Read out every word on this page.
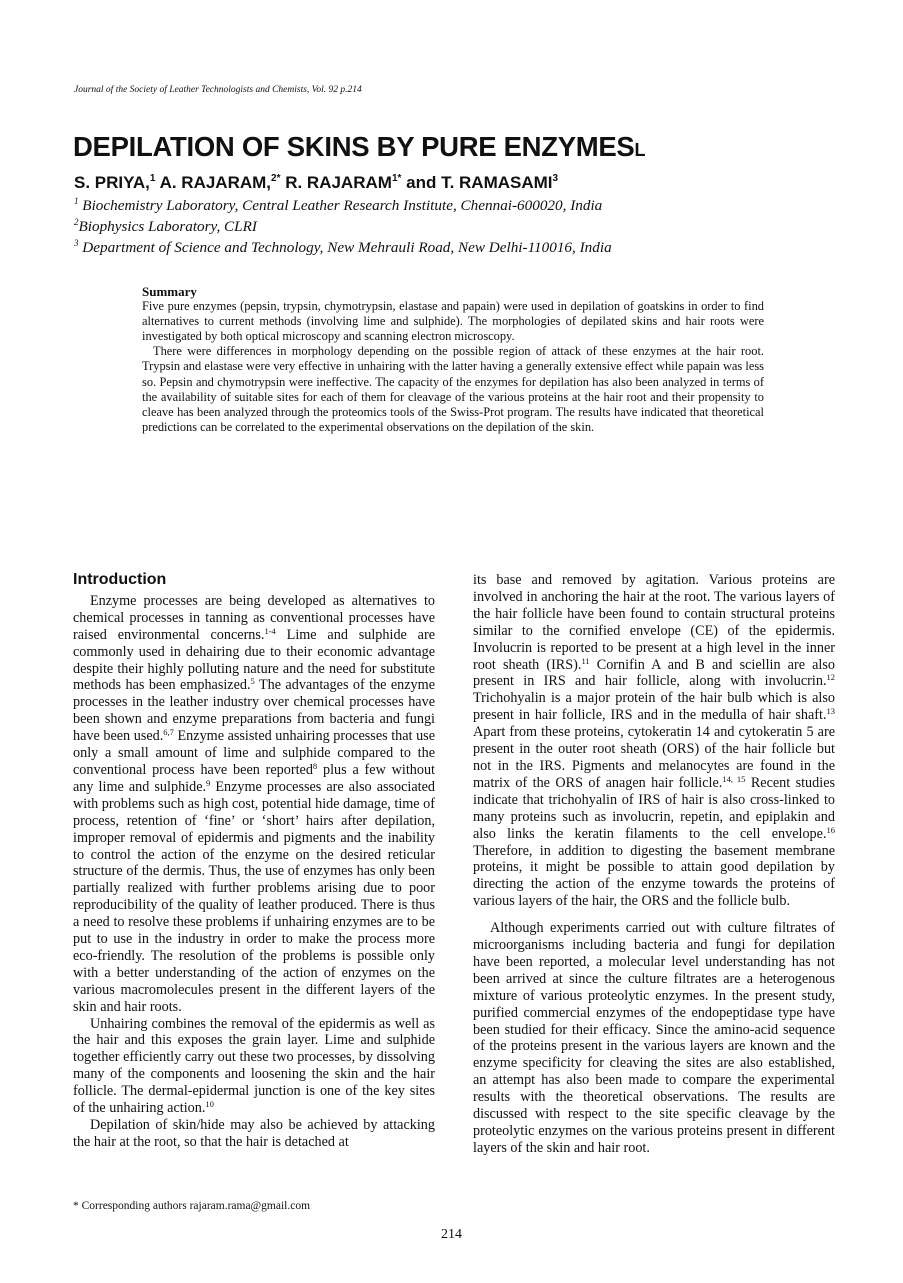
Journal of the Society of Leather Technologists and Chemists, Vol. 92 p.214
DEPILATION OF SKINS BY PURE ENZYMESL
S. PRIYA,$^1$ A. RAJARAM,$^{2*}$ R. $RAJARAM^{1*}$ and T. RAMASAMI$^3$
$^1$ Biochemistry Laboratory, Central Leather Research Institute, Chennai-600020, India
$^2$Biophysics Laboratory, CLRI
$^3$ Department of Science and Technology, New Mehrauli Road, New Delhi-110016, India
Summary

Five pure enzymes (pepsin, trypsin, chymotrypsin, elastase and papain) were used in depilation of goatskins in order to find alternatives to current methods (involving lime and sulphide). The morphologies of depilated skins and hair roots were investigated by both optical microscopy and scanning electron microscopy.

There were differences in morphology depending on the possible region of attack of these enzymes at the hair root. Trypsin and elastase were very effective in unhairing with the latter having a generally extensive effect while papain was less so. Pepsin and chymotrypsin were ineffective. The capacity of the enzymes for depilation has also been analyzed in terms of the availability of suitable sites for each of them for cleavage of the various proteins at the hair root and their propensity to cleave has been analyzed through the proteomics tools of the Swiss-Prot program. The results have indicated that theoretical predictions can be correlated to the experimental observations on the depilation of the skin.

Introduction

Enzyme processes are being developed as alternatives to chemical processes in tanning as conventional processes have raised environmental concerns.$^{1-4}$ Lime and sulphide are commonly used in dehairing due to their economic advantage despite their highly polluting nature and the need for substitute methods has been emphasized.$^5$ The advantages of the enzyme processes in the leather industry over chemical processes have been shown and enzyme preparations from bacteria and fungi have been used.$^{6,7}$ Enzyme assisted unhairing processes that use only a small amount of lime and sulphide compared to the conventional process have been reported$^8$ plus a few without any lime and sulphide.$^9$ Enzyme processes are also associated with problems such as high cost, potential hide damage, time of process, retention of ‘fine’ or ‘short’ hairs after depilation, improper removal of epidermis and pigments and the inability to control the action of the enzyme on the desired reticular structure of the dermis. Thus, the use of enzymes has only been partially realized with further problems arising due to poor reproducibility of the quality of leather produced. There is thus a need to resolve these problems if unhairing enzymes are to be put to use in the industry in order to make the process more eco-friendly. The resolution of the problems is possible only with a better understanding of the action of enzymes on the various macromolecules present in the different layers of the skin and hair roots.

Unhairing combines the removal of the epidermis as well as the hair and this exposes the grain layer. Lime and sulphide together efficiently carry out these two processes, by dissolving many of the components and loosening the skin and the hair follicle. The dermal-epidermal junction is one of the key sites of the unhairing action.$^{10}$

Depilation of skin/hide may also be achieved by attacking the hair at the root, so that the hair is detached at

its base and removed by agitation. Various proteins are involved in anchoring the hair at the root. The various layers of the hair follicle have been found to contain structural proteins similar to the cornified envelope (CE) of the epidermis. Involucrin is reported to be present at a high level in the inner root sheath (IRS).$^{11}$ Cornifin A and B and sciellin are also present in IRS and hair follicle, along with involucrin.$^{12}$ Trichohyalin is a major protein of the hair bulb which is also present in hair follicle, IRS and in the medulla of hair shaft.$^{13}$ Apart from these proteins, cytokeratin 14 and cytokeratin 5 are present in the outer root sheath (ORS) of the hair follicle but not in the IRS. Pigments and melanocytes are found in the matrix of the ORS of anagen hair follicle.$^{14, 15}$ Recent studies indicate that trichohyalin of IRS of hair is also cross-linked to many proteins such as involucrin, repetin, and epiplakin and also links the keratin filaments to the cell envelope.$^{16}$ Therefore, in addition to digesting the basement membrane proteins, it might be possible to attain good depilation by directing the action of the enzyme towards the proteins of various layers of the hair, the ORS and the follicle bulb.

Although experiments carried out with culture filtrates of microorganisms including bacteria and fungi for depilation have been reported, a molecular level understanding has not been arrived at since the culture filtrates are a heterogenous mixture of various proteolytic enzymes. In the present study, purified commercial enzymes of the endopeptidase type have been studied for their efficacy. Since the amino-acid sequence of the proteins present in the various layers are known and the enzyme specificity for cleaving the sites are also established, an attempt has also been made to compare the experimental results with the theoretical observations. The results are discussed with respect to the site specific cleavage by the proteolytic enzymes on the various proteins present in different layers of the skin and hair root.

* Corresponding authors rajaram.rama@gmail.com
214
